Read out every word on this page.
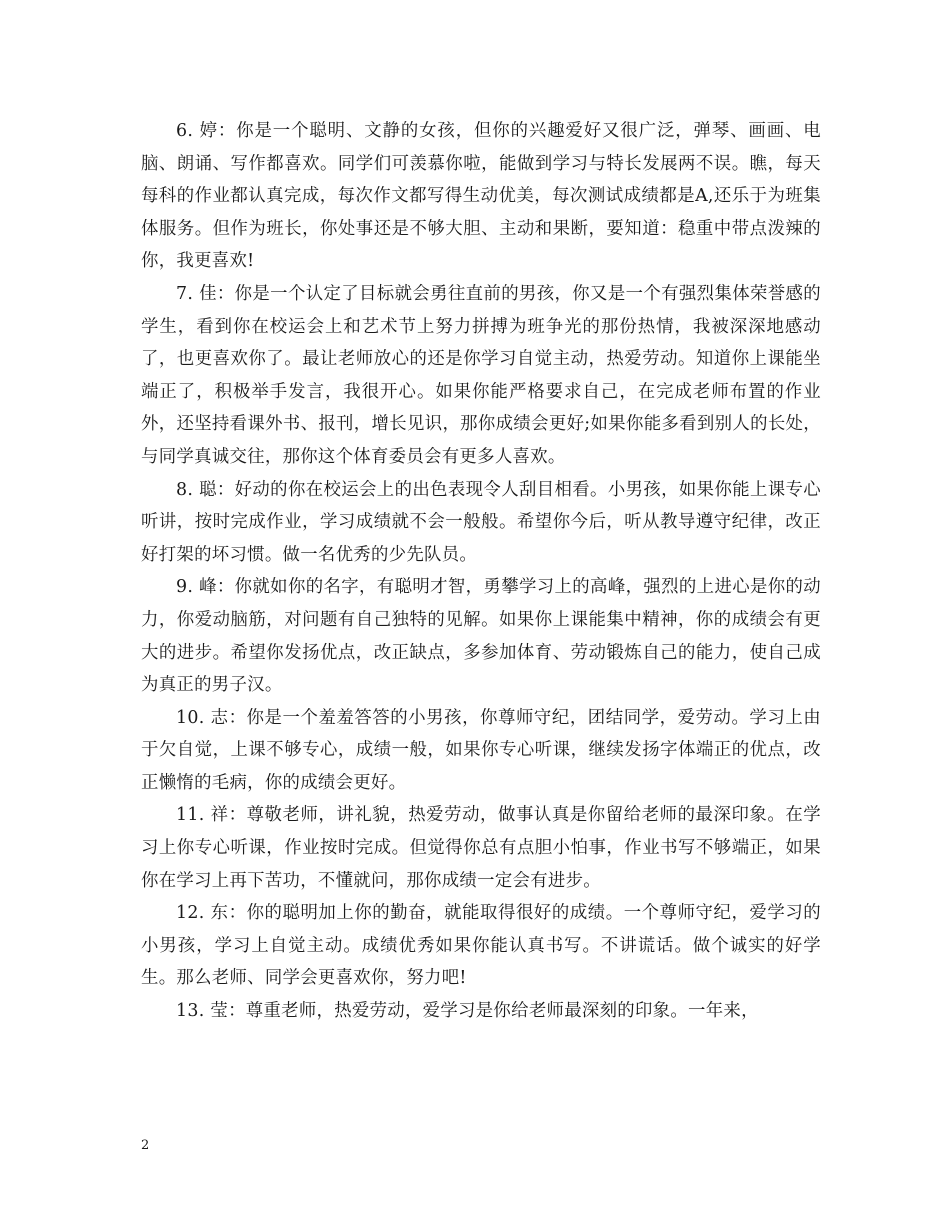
6. 婷：你是一个聪明、文静的女孩，但你的兴趣爱好又很广泛，弹琴、画画、电脑、朗诵、写作都喜欢。同学们可羡慕你啦，能做到学习与特长发展两不误。瞧，每天每科的作业都认真完成，每次作文都写得生动优美，每次测试成绩都是A,还乐于为班集体服务。但作为班长，你处事还是不够大胆、主动和果断，要知道：稳重中带点泼辣的你，我更喜欢!

7. 佳：你是一个认定了目标就会勇往直前的男孩，你又是一个有强烈集体荣誉感的学生，看到你在校运会上和艺术节上努力拼搏为班争光的那份热情，我被深深地感动了，也更喜欢你了。最让老师放心的还是你学习自觉主动，热爱劳动。知道你上课能坐端正了，积极举手发言，我很开心。如果你能严格要求自己，在完成老师布置的作业外，还坚持看课外书、报刊，增长见识，那你成绩会更好;如果你能多看到别人的长处，与同学真诚交往，那你这个体育委员会有更多人喜欢。

8. 聪：好动的你在校运会上的出色表现令人刮目相看。小男孩，如果你能上课专心听讲，按时完成作业，学习成绩就不会一般般。希望你今后，听从教导遵守纪律，改正好打架的坏习惯。做一名优秀的少先队员。

9. 峰：你就如你的名字，有聪明才智，勇攀学习上的高峰，强烈的上进心是你的动力，你爱动脑筋，对问题有自己独特的见解。如果你上课能集中精神，你的成绩会有更大的进步。希望你发扬优点，改正缺点，多参加体育、劳动锻炼自己的能力，使自己成为真正的男子汉。

10. 志：你是一个羞羞答答的小男孩，你尊师守纪，团结同学，爱劳动。学习上由于欠自觉，上课不够专心，成绩一般，如果你专心听课，继续发扬字体端正的优点，改正懒惰的毛病，你的成绩会更好。

11. 祥：尊敬老师，讲礼貌，热爱劳动，做事认真是你留给老师的最深印象。在学习上你专心听课，作业按时完成。但觉得你总有点胆小怕事，作业书写不够端正，如果你在学习上再下苦功，不懂就问，那你成绩一定会有进步。

12. 东：你的聪明加上你的勤奋，就能取得很好的成绩。一个尊师守纪，爱学习的小男孩，学习上自觉主动。成绩优秀如果你能认真书写。不讲谎话。做个诚实的好学生。那么老师、同学会更喜欢你，努力吧!

13. 莹：尊重老师，热爱劳动，爱学习是你给老师最深刻的印象。一年来，

2
